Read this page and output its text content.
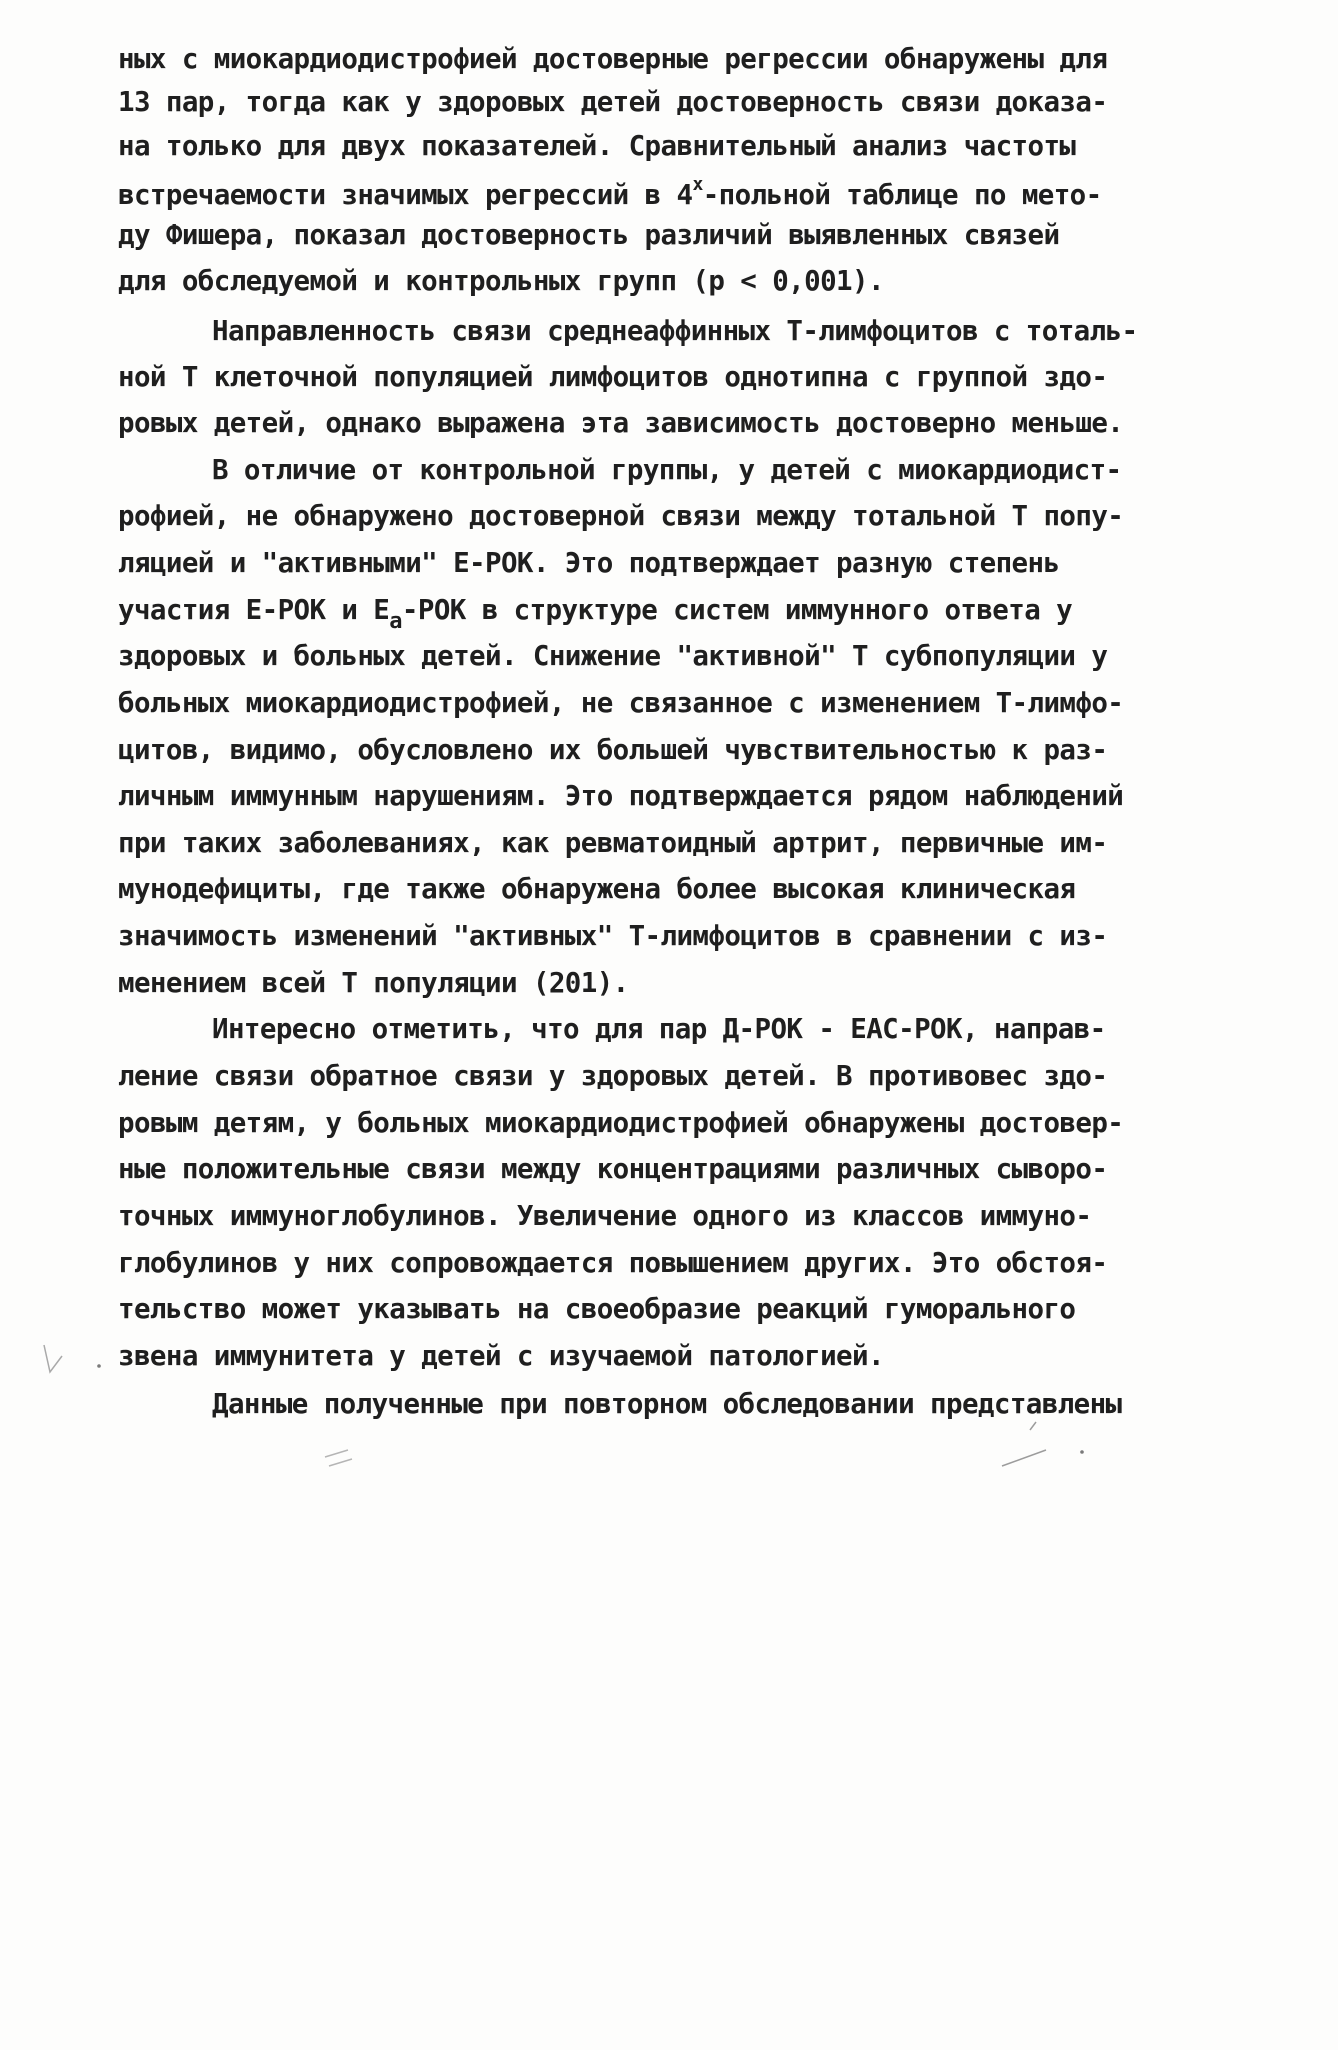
ных с миокардиодистрофией достоверные регрессии обнаружены для
13 пар, тогда как у здоровых детей достоверность связи доказа-
на только для двух показателей. Сравнительный анализ частоты
встречаемости значимых регрессий в $4^х$-польной таблице по мето-
ду Фишера, показал достоверность различий выявленных связей
для обследуемой и контрольных групп (p < 0,001).
Направленность связи среднеаффинных Т-лимфоцитов с тоталь-
ной Т клеточной популяцией лимфоцитов однотипна с группой здо-
ровых детей, однако выражена эта зависимость достоверно меньше.
В отличие от контрольной группы, у детей с миокардиодист-
рофией, не обнаружено достоверной связи между тотальной Т попу-
ляцией и "активными" Е-РОК. Это подтверждает разную степень
участия Е-РОК и $Е_а$-РОК в структуре систем иммунного ответа у
здоровых и больных детей. Снижение "активной" Т субпопуляции у
больных миокардиодистрофией, не связанное с изменением Т-лимфо-
цитов, видимо, обусловлено их большей чувствительностью к раз-
личным иммунным нарушениям. Это подтверждается рядом наблюдений
при таких заболеваниях, как ревматоидный артрит, первичные им-
мунодефициты, где также обнаружена более высокая клиническая
значимость изменений "активных" Т-лимфоцитов в сравнении с из-
менением всей Т популяции (201).
Интересно отметить, что для пар Д-РОК - ЕАС-РОК, направ-
ление связи обратное связи у здоровых детей. В противовес здо-
ровым детям, у больных миокардиодистрофией обнаружены достовер-
ные положительные связи между концентрациями различных сыворо-
точных иммуноглобулинов. Увеличение одного из классов иммуно-
глобулинов у них сопровождается повышением других. Это обстоя-
тельство может указывать на своеобразие реакций гуморального
звена иммунитета у детей с изучаемой патологией.
Данные полученные при повторном обследовании представлены
